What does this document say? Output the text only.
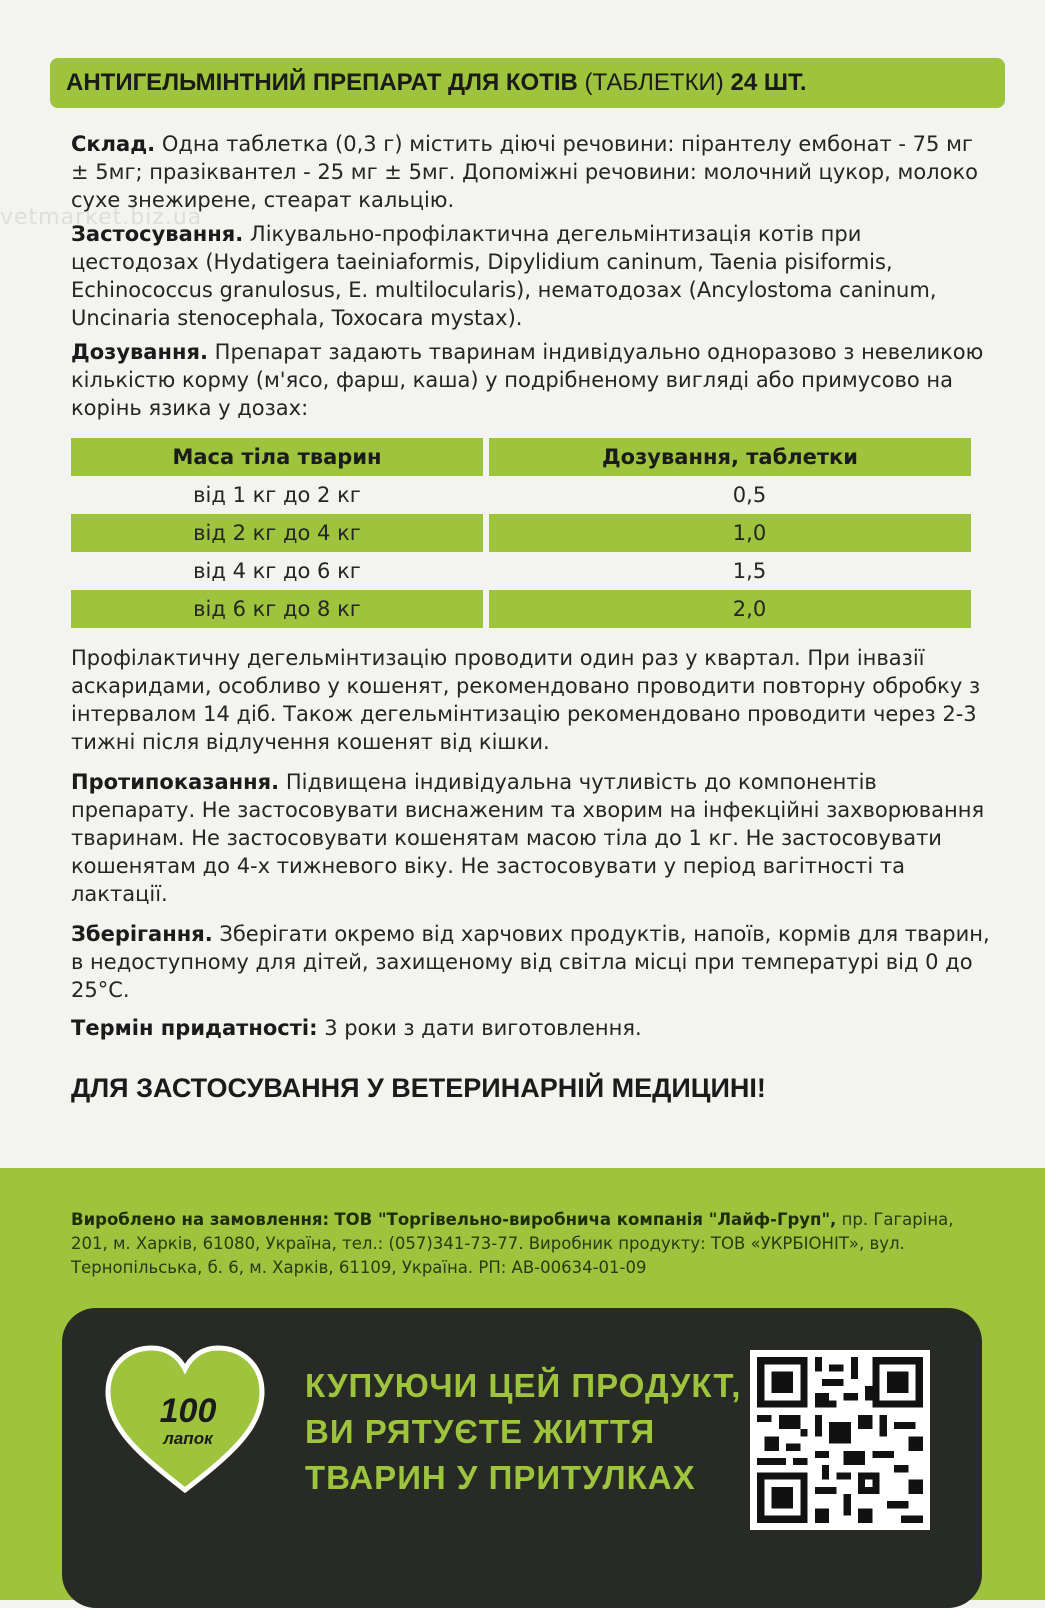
vetmarket.biz.ua
АНТИГЕЛЬМІНТНИЙ ПРЕПАРАТ ДЛЯ КОТІВ
(ТАБЛЕТКИ)
24 ШТ.

Склад. Одна таблетка (0,3 г) містить діючі речовини: пірантелу ембонат - 75 мг ± 5мг; празіквантел - 25 мг ± 5мг. Допоміжні речовини: молочний цукор, молоко сухе знежирене, стеарат кальцію.

Застосування. Лікувально-профілактична дегельмінтизація котів при цестодозах (Hydatigera taeiniaformis, Dipylidium caninum, Taenia pisiformis, Echinococcus granulosus, E. multilocularis), нематодозах (Ancylostoma caninum, Uncinaria stenocephala, Toxocara mystax).

Дозування. Препарат задають тваринам індивідуально одноразово з невеликою кількістю корму (м'ясо, фарш, каша) у подрібненому вигляді або примусово на корінь язика у дозах:

Маса тіла тварин	Дозування, таблетки
від 1 кг до 2 кг	0,5
від 2 кг до 4 кг	1,0
від 4 кг до 6 кг	1,5
від 6 кг до 8 кг	2,0

Профілактичну дегельмінтизацію проводити один раз у квартал. При інвазії аскаридами, особливо у кошенят, рекомендовано проводити повторну обробку з інтервалом 14 діб. Також дегельмінтизацію рекомендовано проводити через 2-3 тижні після відлучення кошенят від кішки.

Протипоказання. Підвищена індивідуальна чутливість до компонентів препарату. Не застосовувати виснаженим та хворим на інфекційні захворювання тваринам. Не застосовувати кошенятам масою тіла до 1 кг. Не застосовувати кошенятам до 4-х тижневого віку. Не застосовувати у період вагітності та лактації.

Зберігання. Зберігати окремо від харчових продуктів, напоїв, кормів для тварин, в недоступному для дітей, захищеному від світла місці при температурі від 0 до 25°С.

Термін придатності: 3 роки з дати виготовлення.

ДЛЯ ЗАСТОСУВАННЯ У ВЕТЕРИНАРНІЙ МЕДИЦИНІ!

Вироблено на замовлення: ТОВ "Торгівельно-виробнича компанія "Лайф-Груп", пр. Гагаріна, 201, м. Харків, 61080, Україна, тел.: (057)341-73-77. Виробник продукту: ТОВ «УКРБІОНІТ», вул. Тернопільська, б. 6, м. Харків, 61109, Україна. РП: АВ-00634-01-09
100
лапок
КУПУЮЧИ ЦЕЙ ПРОДУКТ,
ВИ РЯТУЄТЕ ЖИТТЯ
ТВАРИН У ПРИТУЛКАХ
